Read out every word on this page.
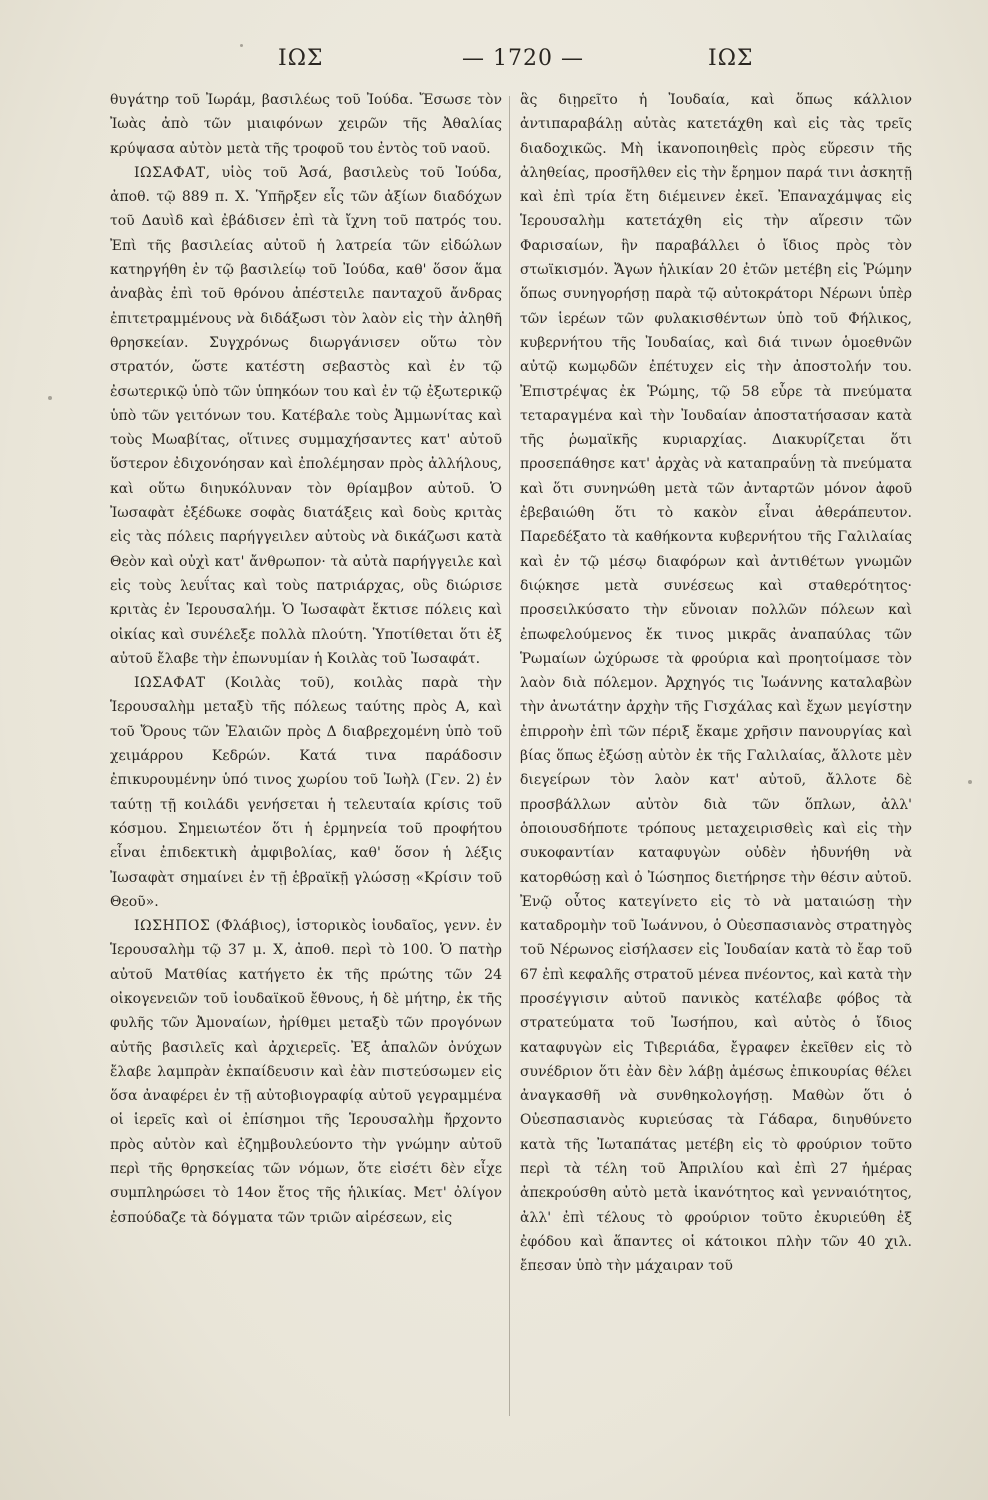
ΙΩΣ	— 1720 —	ΙΩΣ

θυγάτηρ τοῦ Ἰωράμ, βασιλέως τοῦ Ἰούδα. Ἔσωσε τὸν Ἰωὰς ἀπὸ τῶν μιαιφόνων χειρῶν τῆς Ἀθαλίας κρύψασα αὐτὸν μετὰ τῆς τροφοῦ του ἐντὸς τοῦ ναοῦ.

ΙΩΣΑΦΑΤ, υἱὸς τοῦ Ἀσά, βασιλεὺς τοῦ Ἰούδα, ἀποθ. τῷ 889 π. Χ. Ὑπῆρξεν εἷς τῶν ἀξίων διαδόχων τοῦ Δαυὶδ καὶ ἐβάδισεν ἐπὶ τὰ ἴχνη τοῦ πατρός του. Ἐπὶ τῆς βασιλείας αὐτοῦ ἡ λατρεία τῶν εἰδώλων κατηργήθη ἐν τῷ βασιλείῳ τοῦ Ἰούδα, καθ' ὅσον ἅμα ἀναβὰς ἐπὶ τοῦ θρόνου ἀπέστειλε πανταχοῦ ἄνδρας ἐπιτετραμμένους νὰ διδάξωσι τὸν λαὸν εἰς τὴν ἀληθῆ θρησκείαν. Συγχρόνως διωργάνισεν οὕτω τὸν στρατόν, ὥστε κατέστη σεβαστὸς καὶ ἐν τῷ ἐσωτερικῷ ὑπὸ τῶν ὑπηκόων του καὶ ἐν τῷ ἐξωτερικῷ ὑπὸ τῶν γειτόνων του. Κατέβαλε τοὺς Ἀμμωνίτας καὶ τοὺς Μωαβίτας, οἵτινες συμμαχήσαντες κατ' αὐτοῦ ὕστερον ἐδιχονόησαν καὶ ἐπολέμησαν πρὸς ἀλλήλους, καὶ οὕτω διηυκόλυναν τὸν θρίαμβον αὐτοῦ. Ὁ Ἰωσαφὰτ ἐξέδωκε σοφὰς διατάξεις καὶ δοὺς κριτὰς εἰς τὰς πόλεις παρήγγειλεν αὐτοὺς νὰ δικάζωσι κατὰ Θεὸν καὶ οὐχὶ κατ' ἄνθρωπον· τὰ αὐτὰ παρήγγειλε καὶ εἰς τοὺς λευΐτας καὶ τοὺς πατριάρχας, οὓς διώρισε κριτὰς ἐν Ἱερουσαλήμ. Ὁ Ἰωσαφὰτ ἔκτισε πόλεις καὶ οἰκίας καὶ συνέλεξε πολλὰ πλούτη. Ὑποτίθεται ὅτι ἐξ αὐτοῦ ἔλαβε τὴν ἐπωνυμίαν ἡ Κοιλὰς τοῦ Ἰωσαφάτ.

ΙΩΣΑΦΑΤ (Κοιλὰς τοῦ), κοιλὰς παρὰ τὴν Ἱερουσαλὴμ μεταξὺ τῆς πόλεως ταύτης πρὸς Α, καὶ τοῦ Ὄρους τῶν Ἐλαιῶν πρὸς Δ διαβρεχομένη ὑπὸ τοῦ χειμάρρου Κεδρών. Κατά τινα παράδοσιν ἐπικυρουμένην ὑπό τινος χωρίου τοῦ Ἰωὴλ (Γεν. 2) ἐν ταύτῃ τῇ κοιλάδι γενήσεται ἡ τελευταία κρίσις τοῦ κόσμου. Σημειωτέον ὅτι ἡ ἑρμηνεία τοῦ προφήτου εἶναι ἐπιδεκτικὴ ἀμφιβολίας, καθ' ὅσον ἡ λέξις Ἰωσαφὰτ σημαίνει ἐν τῇ ἑβραϊκῇ γλώσσῃ «Κρίσιν τοῦ Θεοῦ».

ΙΩΣΗΠΟΣ (Φλάβιος), ἱστορικὸς ἰουδαῖος, γενν. ἐν Ἱερουσαλὴμ τῷ 37 μ. Χ, ἀποθ. περὶ τὸ 100. Ὁ πατὴρ αὐτοῦ Ματθίας κατήγετο ἐκ τῆς πρώτης τῶν 24 οἰκογενειῶν τοῦ ἰουδαϊκοῦ ἔθνους, ἡ δὲ μήτηρ, ἐκ τῆς φυλῆς τῶν Ἀμοναίων, ἠρίθμει μεταξὺ τῶν προγόνων αὐτῆς βασιλεῖς καὶ ἀρχιερεῖς. Ἐξ ἁπαλῶν ὀνύχων ἔλαβε λαμπρὰν ἐκπαίδευσιν καὶ ἐὰν πιστεύσωμεν εἰς ὅσα ἀναφέρει ἐν τῇ αὐτοβιογραφίᾳ αὐτοῦ γεγραμμένα οἱ ἱερεῖς καὶ οἱ ἐπίσημοι τῆς Ἱερουσαλὴμ ἤρχοντο πρὸς αὐτὸν καὶ ἐζημβουλεύοντο τὴν γνώμην αὐτοῦ περὶ τῆς θρησκείας τῶν νόμων, ὅτε εἰσέτι δὲν εἶχε συμπληρώσει τὸ 14ον ἔτος τῆς ἡλικίας. Μετ' ὀλίγον ἐσπούδαζε τὰ δόγματα τῶν τριῶν αἱρέσεων, εἰς

ἃς διῃρεῖτο ἡ Ἰουδαία, καὶ ὅπως κάλλιον ἀντιπαραβάλῃ αὐτὰς κατετάχθη καὶ εἰς τὰς τρεῖς διαδοχικῶς. Μὴ ἱκανοποιηθεὶς πρὸς εὕρεσιν τῆς ἀληθείας, προσῆλθεν εἰς τὴν ἔρημον παρά τινι ἀσκητῇ καὶ ἐπὶ τρία ἔτη διέμεινεν ἐκεῖ. Ἐπαναχάμψας εἰς Ἱερουσαλὴμ κατετάχθη εἰς τὴν αἵρεσιν τῶν Φαρισαίων, ἣν παραβάλλει ὁ ἴδιος πρὸς τὸν στωϊκισμόν. Ἄγων ἡλικίαν 20 ἐτῶν μετέβη εἰς Ῥώμην ὅπως συνηγορήσῃ παρὰ τῷ αὐτοκράτορι Νέρωνι ὑπὲρ τῶν ἱερέων τῶν φυλακισθέντων ὑπὸ τοῦ Φήλικος, κυβερνήτου τῆς Ἰουδαίας, καὶ διά τινων ὁμοεθνῶν αὐτῷ κωμῳδῶν ἐπέτυχεν εἰς τὴν ἀποστολήν του. Ἐπιστρέψας ἐκ Ῥώμης, τῷ 58 εὗρε τὰ πνεύματα τεταραγμένα καὶ τὴν Ἰουδαίαν ἀποστατήσασαν κατὰ τῆς ῥωμαϊκῆς κυριαρχίας. Διακυρίζεται ὅτι προσεπάθησε κατ' ἀρχὰς νὰ καταπραΰνῃ τὰ πνεύματα καὶ ὅτι συνηνώθη μετὰ τῶν ἀνταρτῶν μόνον ἀφοῦ ἐβεβαιώθη ὅτι τὸ κακὸν εἶναι ἀθεράπευτον. Παρεδέξατο τὰ καθήκοντα κυβερνήτου τῆς Γαλιλαίας καὶ ἐν τῷ μέσῳ διαφόρων καὶ ἀντιθέτων γνωμῶν διῴκησε μετὰ συνέσεως καὶ σταθερότητος· προσειλκύσατο τὴν εὔνοιαν πολλῶν πόλεων καὶ ἐπωφελούμενος ἔκ τινος μικρᾶς ἀναπαύλας τῶν Ῥωμαίων ὠχύρωσε τὰ φρούρια καὶ προητοίμασε τὸν λαὸν διὰ πόλεμον. Ἀρχηγός τις Ἰωάννης καταλαβὼν τὴν ἀνωτάτην ἀρχὴν τῆς Γισχάλας καὶ ἔχων μεγίστην ἐπιρροὴν ἐπὶ τῶν πέριξ ἔκαμε χρῆσιν πανουργίας καὶ βίας ὅπως ἐξώσῃ αὐτὸν ἐκ τῆς Γαλιλαίας, ἄλλοτε μὲν διεγείρων τὸν λαὸν κατ' αὐτοῦ, ἄλλοτε δὲ προσβάλλων αὐτὸν διὰ τῶν ὅπλων, ἀλλ' ὁποιουσδήποτε τρόπους μεταχειρισθεὶς καὶ εἰς τὴν συκοφαντίαν καταφυγὼν οὐδὲν ἠδυνήθη νὰ κατορθώσῃ καὶ ὁ Ἰώσηπος διετήρησε τὴν θέσιν αὐτοῦ. Ἐνῷ οὗτος κατεγίνετο εἰς τὸ νὰ ματαιώσῃ τὴν καταδρομὴν τοῦ Ἰωάννου, ὁ Οὐεσπασιανὸς στρατηγὸς τοῦ Νέρωνος εἰσήλασεν εἰς Ἰουδαίαν κατὰ τὸ ἔαρ τοῦ 67 ἐπὶ κεφαλῆς στρατοῦ μένεα πνέοντος, καὶ κατὰ τὴν προσέγγισιν αὐτοῦ πανικὸς κατέλαβε φόβος τὰ στρατεύματα τοῦ Ἰωσήπου, καὶ αὐτὸς ὁ ἴδιος καταφυγὼν εἰς Τιβεριάδα, ἔγραφεν ἐκεῖθεν εἰς τὸ συνέδριον ὅτι ἐὰν δὲν λάβῃ ἀμέσως ἐπικουρίας θέλει ἀναγκασθῆ νὰ συνθηκολογήσῃ. Μαθὼν ὅτι ὁ Οὐεσπασιανὸς κυριεύσας τὰ Γάδαρα, διηυθύνετο κατὰ τῆς Ἰωταπάτας μετέβη εἰς τὸ φρούριον τοῦτο περὶ τὰ τέλη τοῦ Ἀπριλίου καὶ ἐπὶ 27 ἡμέρας ἀπεκρούσθη αὐτὸ μετὰ ἱκανότητος καὶ γενναιότητος, ἀλλ' ἐπὶ τέλους τὸ φρούριον τοῦτο ἐκυριεύθη ἐξ ἐφόδου καὶ ἅπαντες οἱ κάτοικοι πλὴν τῶν 40 χιλ. ἔπεσαν ὑπὸ τὴν μάχαιραν τοῦ
